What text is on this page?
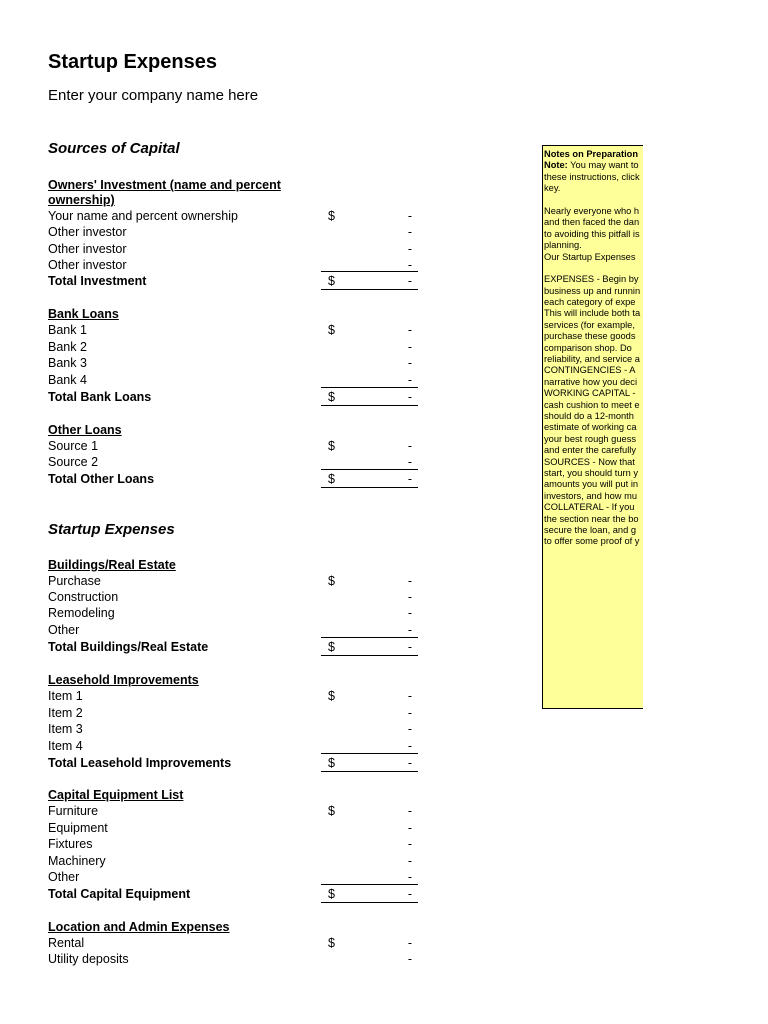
Startup Expenses
Enter your company name here
Sources of Capital
Owners' Investment (name and percent ownership)
Your name and percent ownership	$	-
Other investor	-
Other investor	-
Other investor	-
Total Investment	$	-
Bank Loans
Bank 1	$	-
Bank 2	-
Bank 3	-
Bank 4	-
Total Bank Loans	$	-
Other Loans
Source 1	$	-
Source 2	-
Total Other Loans	$	-
Startup Expenses
Buildings/Real Estate
Purchase	$	-
Construction	-
Remodeling	-
Other	-
Total Buildings/Real Estate	$	-
Leasehold Improvements
Item 1	$	-
Item 2	-
Item 3	-
Item 4	-
Total Leasehold Improvements	$	-
Capital Equipment List
Furniture	$	-
Equipment	-
Fixtures	-
Machinery	-
Other	-
Total Capital Equipment	$	-
Location and Admin Expenses
Rental	$	-
Utility deposits	-
Notes on Preparation
Note: You may want to
these instructions, click
key.
Nearly everyone who h
and then faced the dan
to avoiding this pitfall is
planning.
Our Startup Expenses
EXPENSES - Begin by
business up and runnin
each category of expe
This will include both ta
services (for example,
purchase these goods
comparison shop. Do
reliability, and service a
CONTINGENCIES - A
narrative how you deci
WORKING CAPITAL -
cash cushion to meet e
should do a 12-month
estimate of working ca
your best rough guess
and enter the carefully
SOURCES - Now that
start, you should turn y
amounts you will put in
investors, and how mu
COLLATERAL - If you
the section near the bo
secure the loan, and g
to offer some proof of y
